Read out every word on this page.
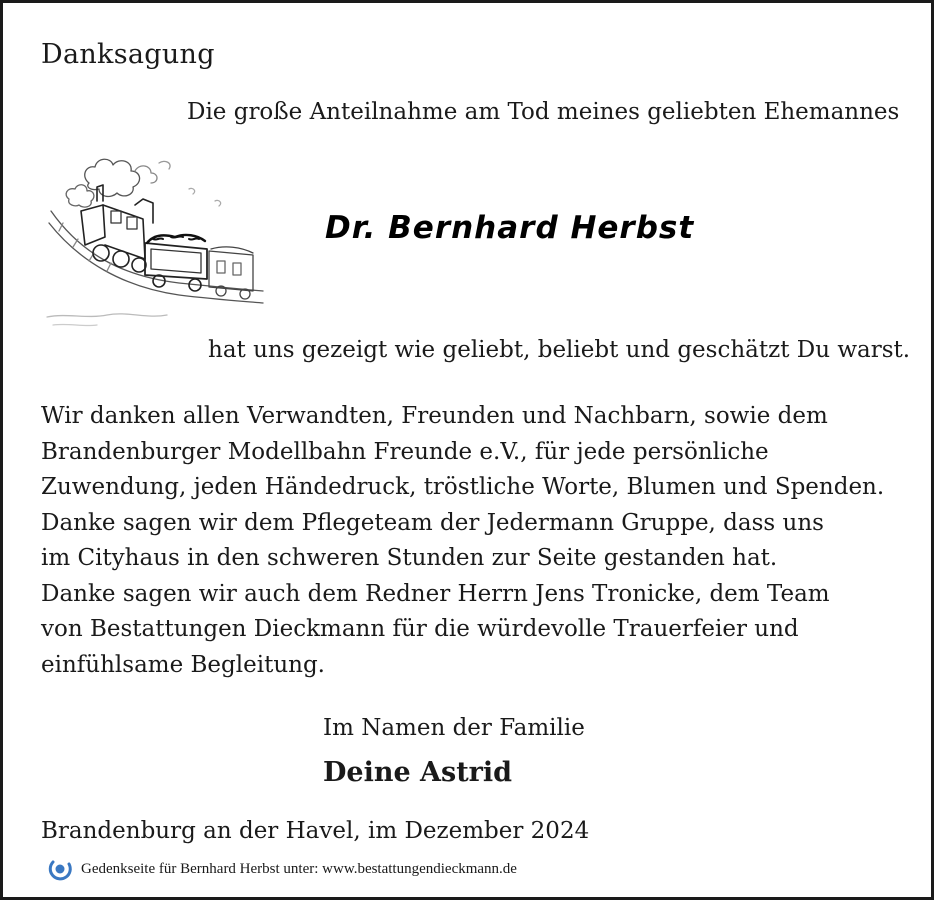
Danksagung
Die große Anteilnahme am Tod meines geliebten Ehemannes
Dr. Bernhard Herbst
hat uns gezeigt wie geliebt, beliebt und geschätzt Du warst.
Wir danken allen Verwandten, Freunden und Nachbarn, sowie dem
Brandenburger Modellbahn Freunde e.V., für jede persönliche
Zuwendung, jeden Händedruck, tröstliche Worte, Blumen und Spenden.
Danke sagen wir dem Pflegeteam der Jedermann Gruppe, dass uns
im Cityhaus in den schweren Stunden zur Seite gestanden hat.
Danke sagen wir auch dem Redner Herrn Jens Tronicke, dem Team
von Bestattungen Dieckmann für die würdevolle Trauerfeier und
einfühlsame Begleitung.
Im Namen der Familie
Deine Astrid
Brandenburg an der Havel, im Dezember 2024
Gedenkseite für Bernhard Herbst unter: www.bestattungendieckmann.de
